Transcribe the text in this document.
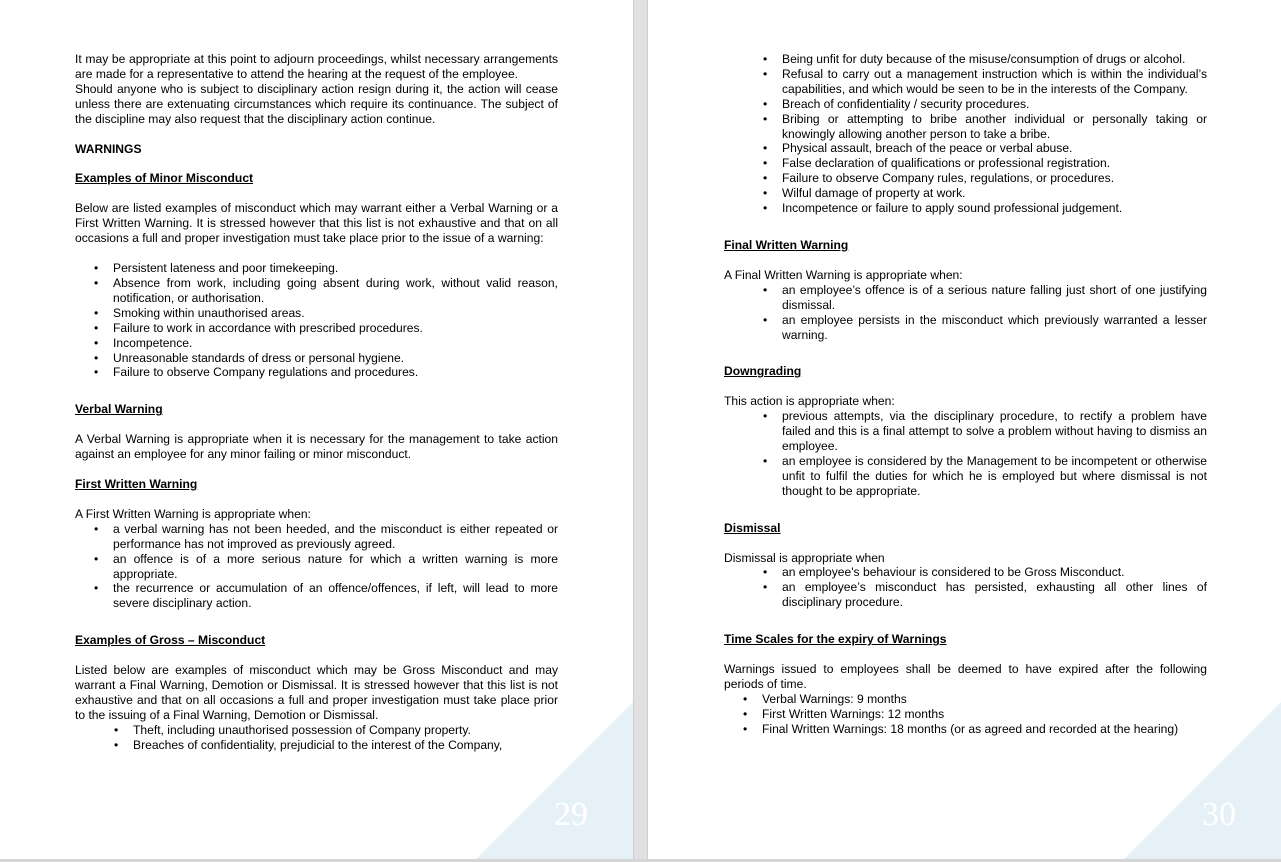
29

It may be appropriate at this point to adjourn proceedings, whilst necessary arrangements are made for a representative to attend the hearing at the request of the employee.

Should anyone who is subject to disciplinary action resign during it, the action will cease unless there are extenuating circumstances which require its continuance. The subject of the discipline may also request that the disciplinary action continue.

WARNINGS
Examples of Minor Misconduct

Below are listed examples of misconduct which may warrant either a Verbal Warning or a First Written Warning. It is stressed however that this list is not exhaustive and that on all occasions a full and proper investigation must take place prior to the issue of a warning:

• Persistent lateness and poor timekeeping.
• Absence from work, including going absent during work, without valid reason, notification, or authorisation.
• Smoking within unauthorised areas.
• Failure to work in accordance with prescribed procedures.
• Incompetence.
• Unreasonable standards of dress or personal hygiene.
• Failure to observe Company regulations and procedures.
Verbal Warning

A Verbal Warning is appropriate when it is necessary for the management to take action against an employee for any minor failing or minor misconduct.

First Written Warning

A First Written Warning is appropriate when:

• a verbal warning has not been heeded, and the misconduct is either repeated or performance has not improved as previously agreed.
• an offence is of a more serious nature for which a written warning is more appropriate.
• the recurrence or accumulation of an offence/offences, if left, will lead to more severe disciplinary action.
Examples of Gross – Misconduct

Listed below are examples of misconduct which may be Gross Misconduct and may warrant a Final Warning, Demotion or Dismissal. It is stressed however that this list is not exhaustive and that on all occasions a full and proper investigation must take place prior to the issuing of a Final Warning, Demotion or Dismissal.

• Theft, including unauthorised possession of Company property.
• Breaches of confidentiality, prejudicial to the interest of the Company,
30
• Being unfit for duty because of the misuse/consumption of drugs or alcohol.
• Refusal to carry out a management instruction which is within the individual’s capabilities, and which would be seen to be in the interests of the Company.
• Breach of confidentiality / security procedures.
• Bribing or attempting to bribe another individual or personally taking or knowingly allowing another person to take a bribe.
• Physical assault, breach of the peace or verbal abuse.
• False declaration of qualifications or professional registration.
• Failure to observe Company rules, regulations, or procedures.
• Wilful damage of property at work.
• Incompetence or failure to apply sound professional judgement.
Final Written Warning

A Final Written Warning is appropriate when:

• an employee’s offence is of a serious nature falling just short of one justifying dismissal.
• an employee persists in the misconduct which previously warranted a lesser warning.
Downgrading

This action is appropriate when:

• previous attempts, via the disciplinary procedure, to rectify a problem have failed and this is a final attempt to solve a problem without having to dismiss an employee.
• an employee is considered by the Management to be incompetent or otherwise unfit to fulfil the duties for which he is employed but where dismissal is not thought to be appropriate.
Dismissal

Dismissal is appropriate when

• an employee's behaviour is considered to be Gross Misconduct.
• an employee’s misconduct has persisted, exhausting all other lines of disciplinary procedure.
Time Scales for the expiry of Warnings

Warnings issued to employees shall be deemed to have expired after the following periods of time.

• Verbal Warnings: 9 months
• First Written Warnings: 12 months
• Final Written Warnings: 18 months (or as agreed and recorded at the hearing)
